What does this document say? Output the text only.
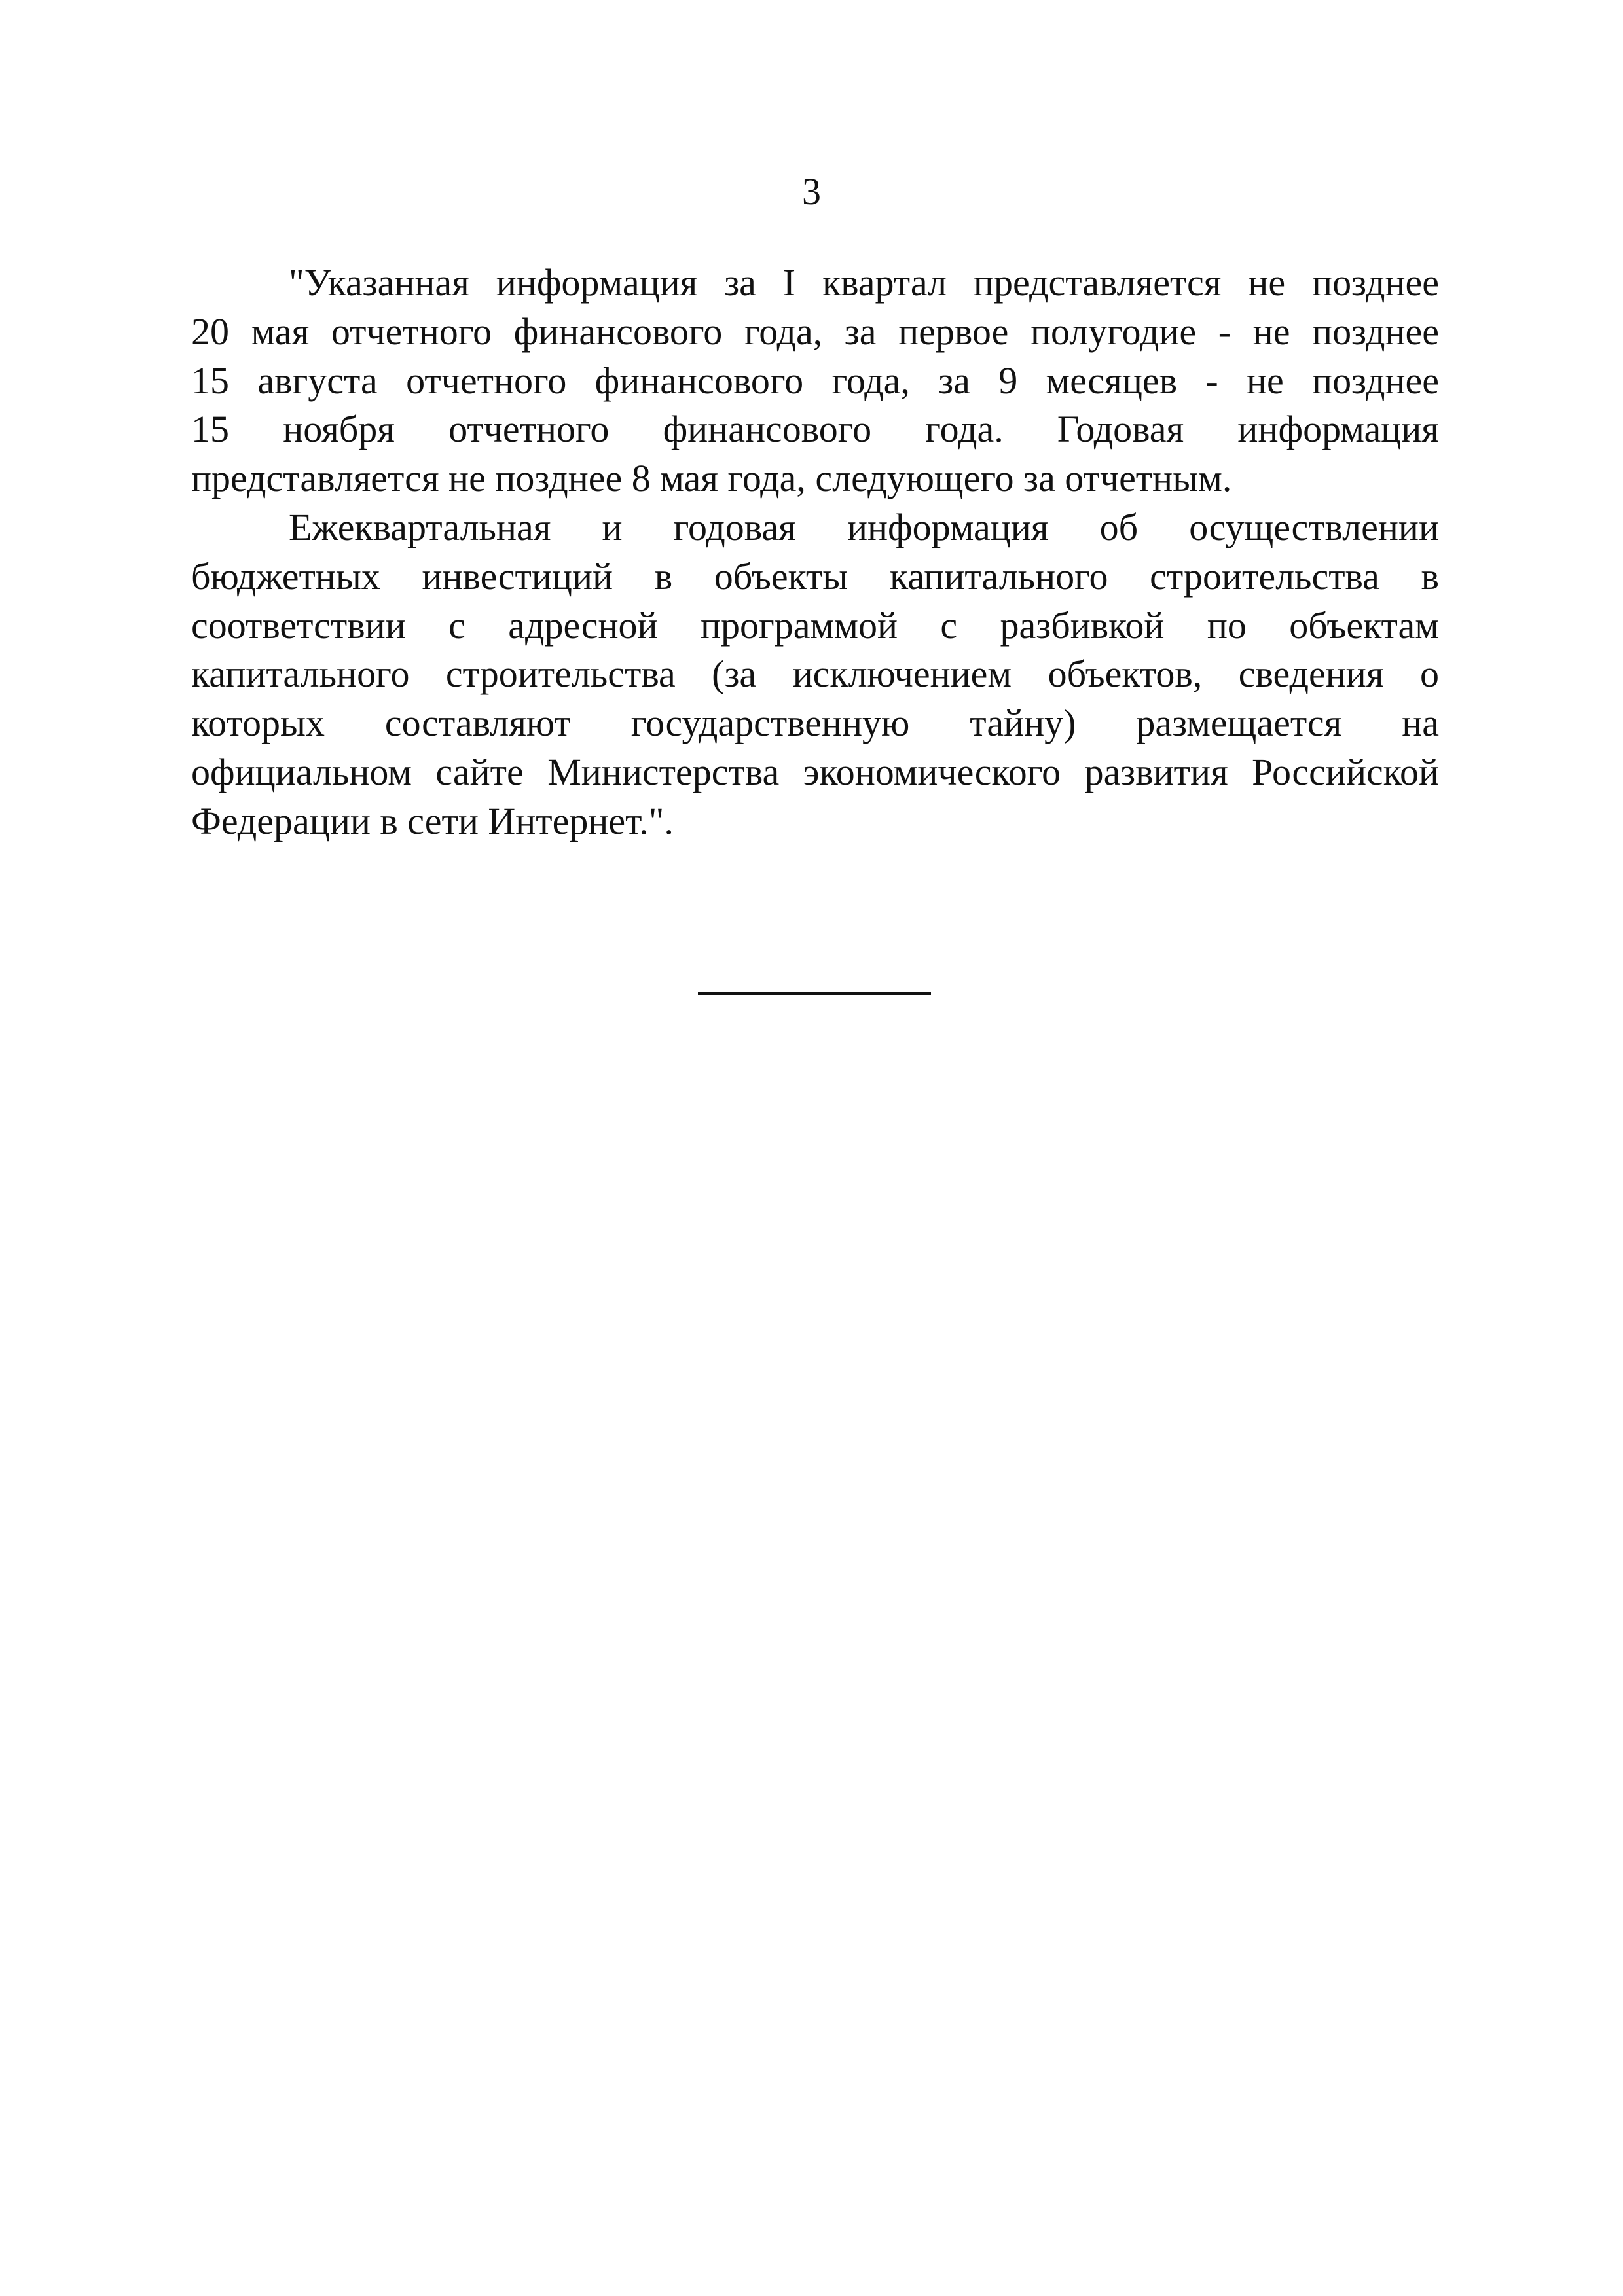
3
"Указанная информация за I квартал представляется не позднее
20 мая отчетного финансового года, за первое полугодие - не позднее
15 августа отчетного финансового года, за 9 месяцев - не позднее
15 ноября отчетного финансового года. Годовая информация
представляется не позднее 8 мая года, следующего за отчетным.
Ежеквартальная и годовая информация об осуществлении
бюджетных инвестиций в объекты капитального строительства в
соответствии с адресной программой с разбивкой по объектам
капитального строительства (за исключением объектов, сведения о
которых составляют государственную тайну) размещается на
официальном сайте Министерства экономического развития Российской
Федерации в сети Интернет.".
